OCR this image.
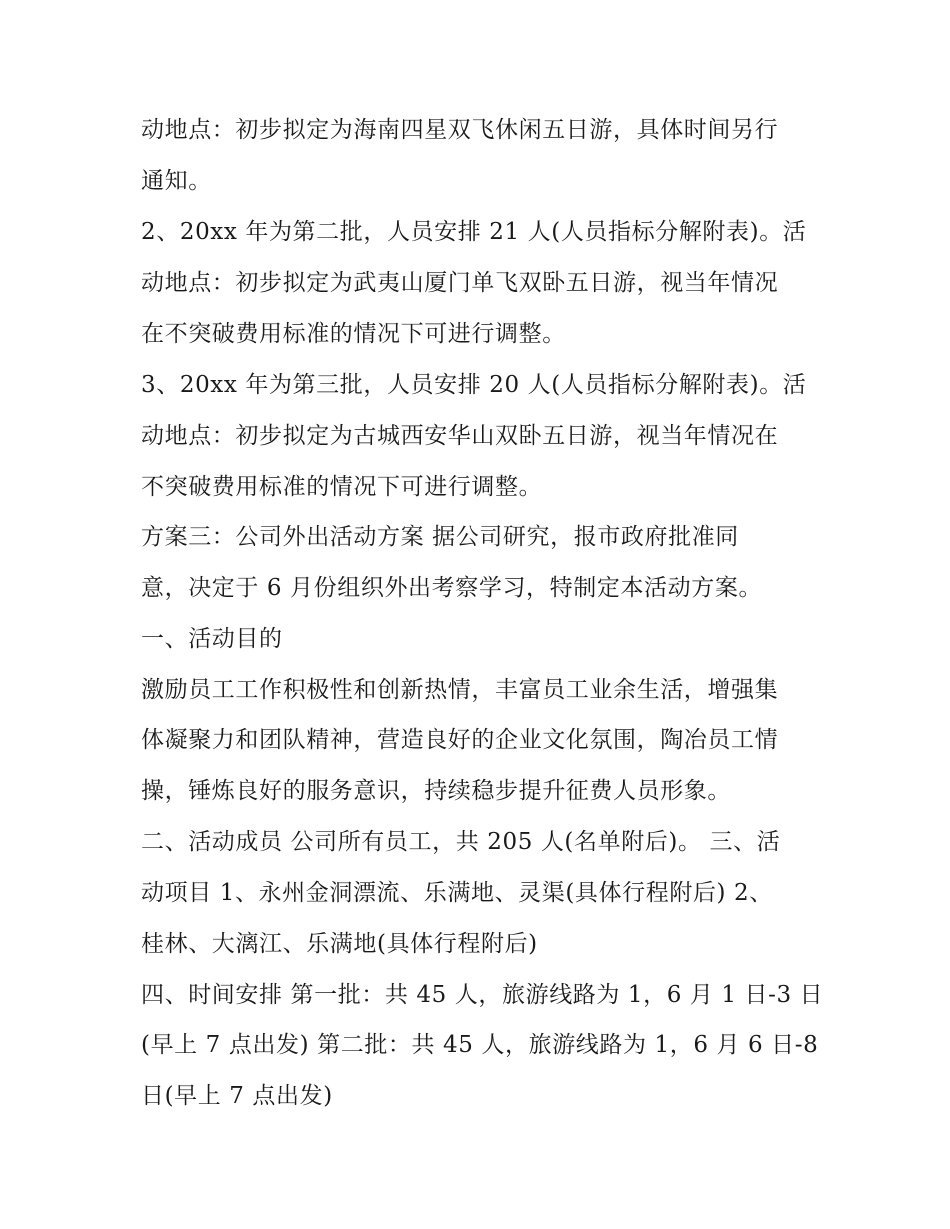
动地点：初步拟定为海南四星双飞休闲五日游，具体时间另行
通知。
2、20xx 年为第二批，人员安排 21 人(人员指标分解附表)。活
动地点：初步拟定为武夷山厦门单飞双卧五日游，视当年情况
在不突破费用标准的情况下可进行调整。
3、20xx 年为第三批，人员安排 20 人(人员指标分解附表)。活
动地点：初步拟定为古城西安华山双卧五日游，视当年情况在
不突破费用标准的情况下可进行调整。
方案三：公司外出活动方案 据公司研究，报市政府批准同
意，决定于 6 月份组织外出考察学习，特制定本活动方案。
一、活动目的
激励员工工作积极性和创新热情，丰富员工业余生活，增强集
体凝聚力和团队精神，营造良好的企业文化氛围，陶冶员工情
操，锤炼良好的服务意识，持续稳步提升征费人员形象。
二、活动成员 公司所有员工，共 205 人(名单附后)。 三、活
动项目 1、永州金洞漂流、乐满地、灵渠(具体行程附后) 2、
桂林、大漓江、乐满地(具体行程附后)
四、时间安排 第一批：共 45 人，旅游线路为 1，6 月 1 日-3 日
(早上 7 点出发) 第二批：共 45 人，旅游线路为 1，6 月 6 日-8
日(早上 7 点出发)
